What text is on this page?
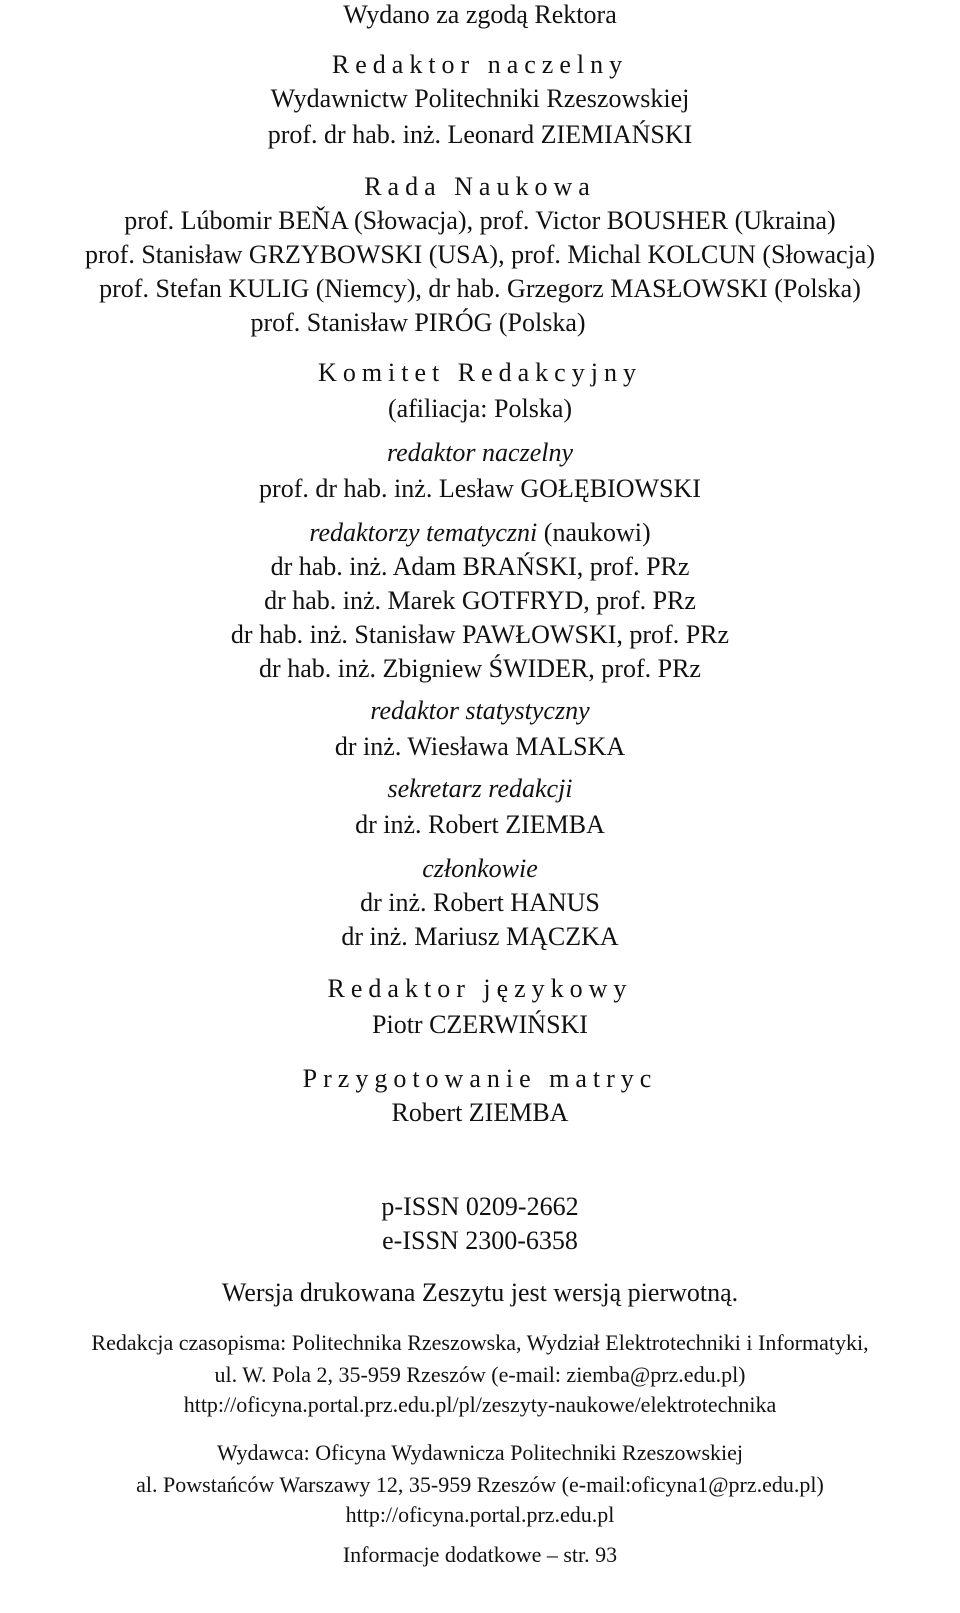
Wydano za zgodą Rektora
Redaktor naczelny
Wydawnictw Politechniki Rzeszowskiej
prof. dr hab. inż. Leonard ZIEMIAŃSKI
Rada Naukowa
prof. Lúbomir BEŇA (Słowacja), prof. Victor BOUSHER (Ukraina)
prof. Stanisław GRZYBOWSKI (USA), prof. Michal KOLCUN (Słowacja)
prof. Stefan KULIG (Niemcy), dr hab. Grzegorz MASŁOWSKI (Polska)
prof. Stanisław PIRÓG (Polska)
Komitet Redakcyjny
(afiliacja: Polska)
redaktor naczelny
prof. dr hab. inż. Lesław GOŁĘBIOWSKI
redaktorzy tematyczni (naukowi)
dr hab. inż. Adam BRAŃSKI, prof. PRz
dr hab. inż. Marek GOTFRYD, prof. PRz
dr hab. inż. Stanisław PAWŁOWSKI, prof. PRz
dr hab. inż. Zbigniew ŚWIDER, prof. PRz
redaktor statystyczny
dr inż. Wiesława MALSKA
sekretarz redakcji
dr inż. Robert ZIEMBA
członkowie
dr inż. Robert HANUS
dr inż. Mariusz MĄCZKA
Redaktor językowy
Piotr CZERWIŃSKI
Przygotowanie matryc
Robert ZIEMBA
p-ISSN 0209-2662
e-ISSN 2300-6358
Wersja drukowana Zeszytu jest wersją pierwotną.
Redakcja czasopisma: Politechnika Rzeszowska, Wydział Elektrotechniki i Informatyki,
ul. W. Pola 2, 35-959 Rzeszów (e-mail: ziemba@prz.edu.pl)
http://oficyna.portal.prz.edu.pl/pl/zeszyty-naukowe/elektrotechnika
Wydawca: Oficyna Wydawnicza Politechniki Rzeszowskiej
al. Powstańców Warszawy 12, 35-959 Rzeszów (e-mail:oficyna1@prz.edu.pl)
http://oficyna.portal.prz.edu.pl
Informacje dodatkowe – str. 93
